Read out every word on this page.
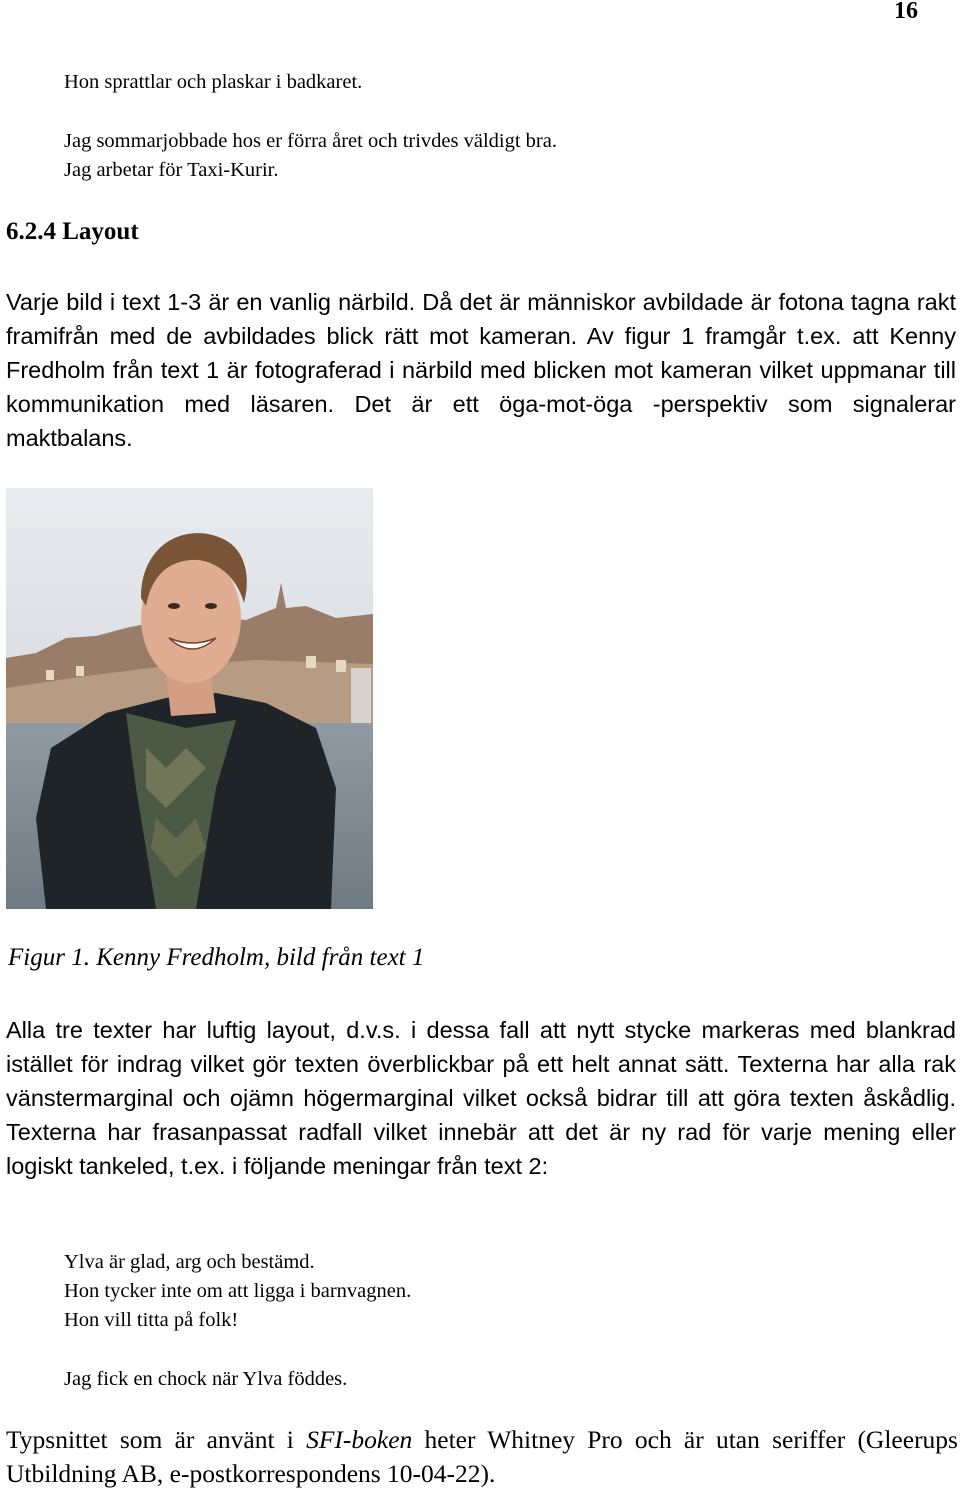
16

Hon sprattlar och plaskar i badkaret.

Jag sommarjobbade hos er förra året och trivdes väldigt bra.

Jag arbetar för Taxi-Kurir.

6.2.4 Layout

Varje bild i text 1-3 är en vanlig närbild. Då det är människor avbildade är fotona tagna rakt framifrån med de avbildades blick rätt mot kameran. Av figur 1 framgår t.ex. att Kenny Fredholm från text 1 är fotograferad i närbild med blicken mot kameran vilket uppmanar till kommunikation med läsaren. Det är ett öga-mot-öga -perspektiv som signalerar maktbalans.

Figur 1. Kenny Fredholm, bild från text 1

Alla tre texter har luftig layout, d.v.s. i dessa fall att nytt stycke markeras med blankrad istället för indrag vilket gör texten överblickbar på ett helt annat sätt. Texterna har alla rak vänstermarginal och ojämn högermarginal vilket också bidrar till att göra texten åskådlig. Texterna har frasanpassat radfall vilket innebär att det är ny rad för varje mening eller logiskt tankeled, t.ex. i följande meningar från text 2:

Ylva är glad, arg och bestämd.

Hon tycker inte om att ligga i barnvagnen.

Hon vill titta på folk!

Jag fick en chock när Ylva föddes.

Typsnittet som är använt i SFI-boken heter Whitney Pro och är utan seriffer (Gleerups Utbildning AB, e-postkorrespondens 10-04-22).
